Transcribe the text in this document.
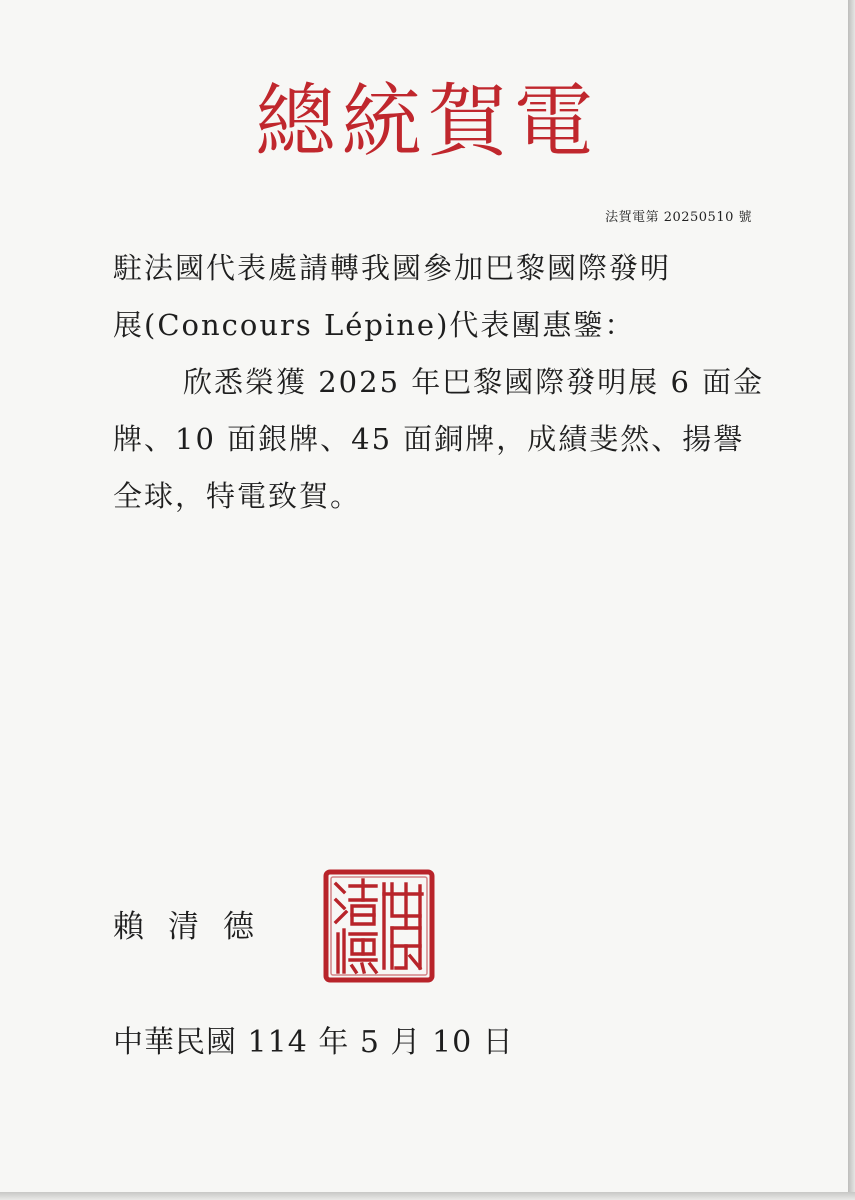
總統賀電
法賀電第 20250510 號

駐法國代表處請轉我國參加巴黎國際發明

展(Concours Lépine)代表團惠鑒：

欣悉榮獲 2025 年巴黎國際發明展 6 面金牌、10 面銀牌、45 面銅牌，成績斐然、揚譽全球，特電致賀。

賴清德
中華民國 114 年 5 月 10 日
